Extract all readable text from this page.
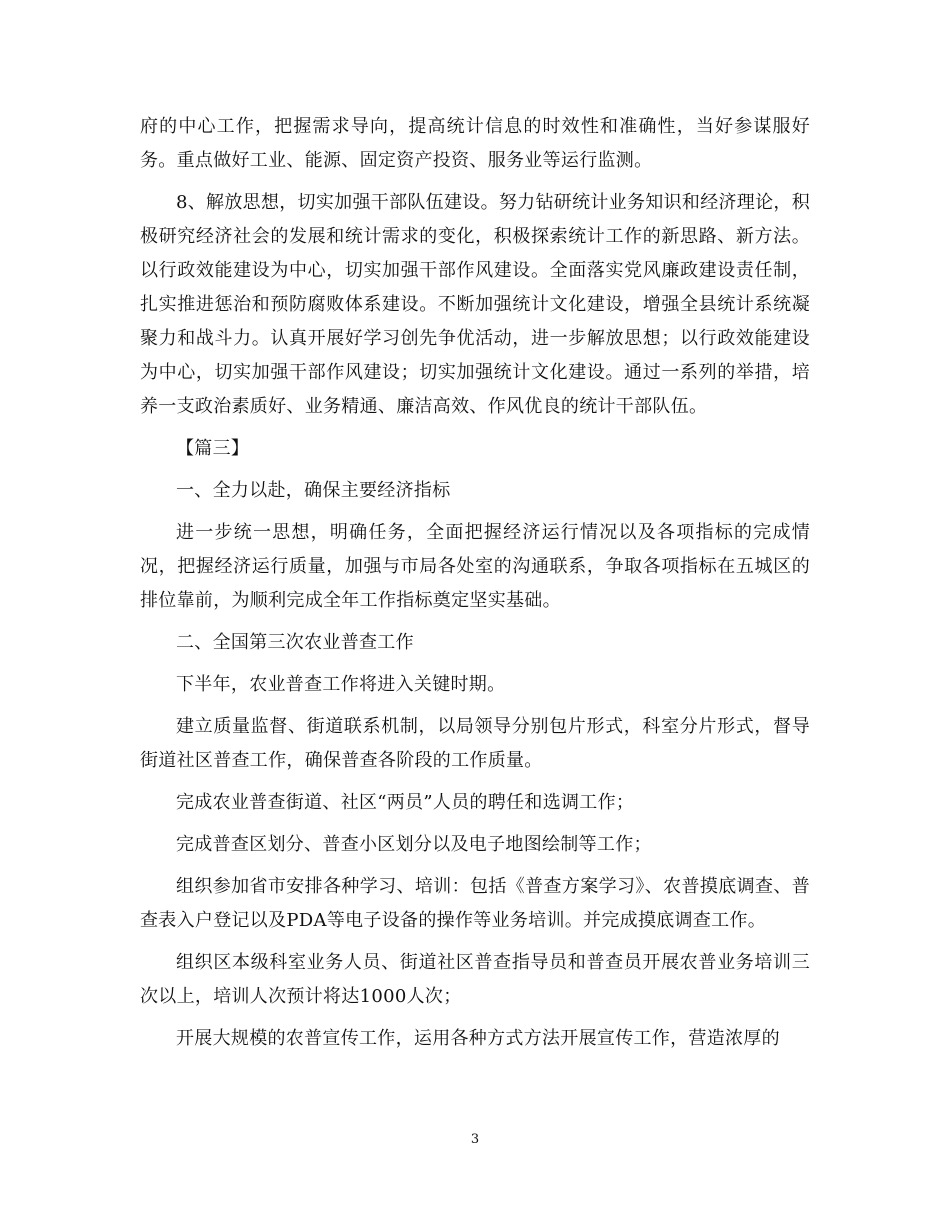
府的中心工作，把握需求导向，提高统计信息的时效性和准确性，当好参谋服好务。重点做好工业、能源、固定资产投资、服务业等运行监测。

8、解放思想，切实加强干部队伍建设。努力钻研统计业务知识和经济理论，积极研究经济社会的发展和统计需求的变化，积极探索统计工作的新思路、新方法。以行政效能建设为中心，切实加强干部作风建设。全面落实党风廉政建设责任制，扎实推进惩治和预防腐败体系建设。不断加强统计文化建设，增强全县统计系统凝聚力和战斗力。认真开展好学习创先争优活动，进一步解放思想；以行政效能建设为中心，切实加强干部作风建设；切实加强统计文化建设。通过一系列的举措，培养一支政治素质好、业务精通、廉洁高效、作风优良的统计干部队伍。

【篇三】

一、全力以赴，确保主要经济指标

进一步统一思想，明确任务，全面把握经济运行情况以及各项指标的完成情况，把握经济运行质量，加强与市局各处室的沟通联系，争取各项指标在五城区的排位靠前，为顺利完成全年工作指标奠定坚实基础。

二、全国第三次农业普查工作

下半年，农业普查工作将进入关键时期。

建立质量监督、街道联系机制，以局领导分别包片形式，科室分片形式，督导街道社区普查工作，确保普查各阶段的工作质量。

完成农业普查街道、社区“两员”人员的聘任和选调工作；

完成普查区划分、普查小区划分以及电子地图绘制等工作；

组织参加省市安排各种学习、培训：包括《普查方案学习》、农普摸底调查、普查表入户登记以及PDA等电子设备的操作等业务培训。并完成摸底调查工作。

组织区本级科室业务人员、街道社区普查指导员和普查员开展农普业务培训三次以上，培训人次预计将达1000人次；

开展大规模的农普宣传工作，运用各种方式方法开展宣传工作，营造浓厚的

3
